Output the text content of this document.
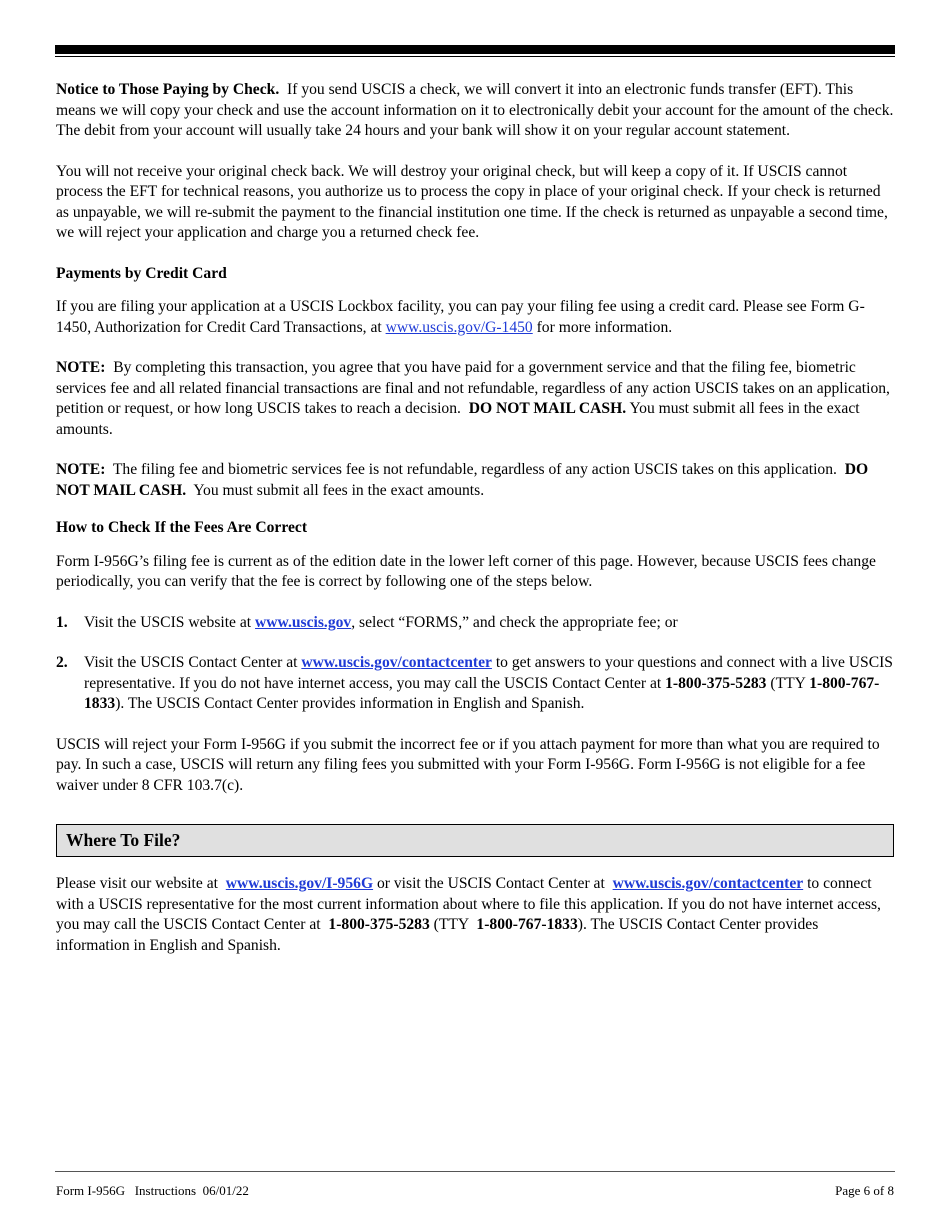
Notice to Those Paying by Check. If you send USCIS a check, we will convert it into an electronic funds transfer (EFT). This means we will copy your check and use the account information on it to electronically debit your account for the amount of the check. The debit from your account will usually take 24 hours and your bank will show it on your regular account statement.

You will not receive your original check back. We will destroy your original check, but will keep a copy of it. If USCIS cannot process the EFT for technical reasons, you authorize us to process the copy in place of your original check. If your check is returned as unpayable, we will re-submit the payment to the financial institution one time. If the check is returned as unpayable a second time, we will reject your application and charge you a returned check fee.

Payments by Credit Card

If you are filing your application at a USCIS Lockbox facility, you can pay your filing fee using a credit card. Please see Form G-1450, Authorization for Credit Card Transactions, at www.uscis.gov/G-1450 for more information.

NOTE: By completing this transaction, you agree that you have paid for a government service and that the filing fee, biometric services fee and all related financial transactions are final and not refundable, regardless of any action USCIS takes on an application, petition or request, or how long USCIS takes to reach a decision. DO NOT MAIL CASH. You must submit all fees in the exact amounts.

NOTE: The filing fee and biometric services fee is not refundable, regardless of any action USCIS takes on this application. DO NOT MAIL CASH. You must submit all fees in the exact amounts.

How to Check If the Fees Are Correct

Form I-956G’s filing fee is current as of the edition date in the lower left corner of this page. However, because USCIS fees change periodically, you can verify that the fee is correct by following one of the steps below.

1.	Visit the USCIS website at www.uscis.gov, select “FORMS,” and check the appropriate fee; or
2.	Visit the USCIS Contact Center at www.uscis.gov/contactcenter to get answers to your questions and connect with a live USCIS representative. If you do not have internet access, you may call the USCIS Contact Center at 1-800-375-5283 (TTY 1-800-767-1833). The USCIS Contact Center provides information in English and Spanish.

USCIS will reject your Form I-956G if you submit the incorrect fee or if you attach payment for more than what you are required to pay. In such a case, USCIS will return any filing fees you submitted with your Form I-956G. Form I-956G is not eligible for a fee waiver under 8 CFR 103.7(c).

Where To File?

Please visit our website at  www.uscis.gov/I-956G or visit the USCIS Contact Center at  www.uscis.gov/contactcenter to connect with a USCIS representative for the most current information about where to file this application. If you do not have internet access, you may call the USCIS Contact Center at  1-800-375-5283 (TTY  1-800-767-1833). The USCIS Contact Center provides information in English and Spanish.

Form I-956G   Instructions  06/01/22	Page 6 of 8
